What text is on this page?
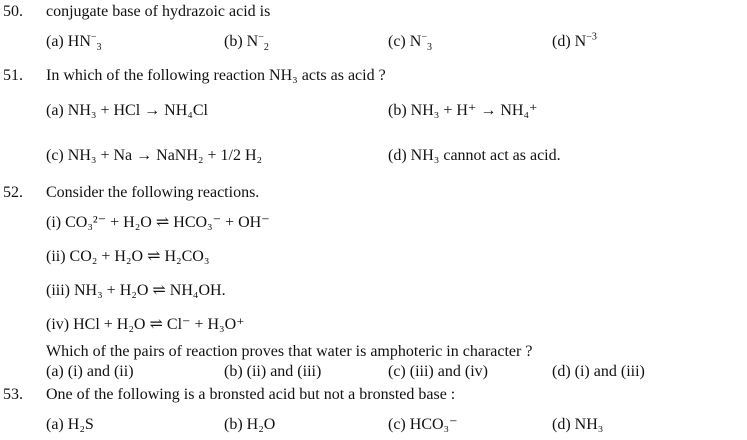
50. conjugate base of hydrazoic acid is
(a) $HN^-_3$	(b) $N^-_2$	(c) $N^-_3$	(d) $N^{-3}$
51. In which of the following reaction NH₃ acts as acid ?
(a) NH₃ + HCl → NH₄Cl	(b) NH₃ + H⁺ → NH₄⁺
(c) NH₃ + Na → NaNH₂ + 1/2 H₂	(d) NH₃ cannot act as acid.
52. Consider the following reactions.
(i) CO₃²⁻ + H₂O ⇌ HCO₃⁻ + OH⁻
(ii) CO₂ + H₂O ⇌ H₂CO₃
(iii) NH₃ + H₂O ⇌ NH₄OH.
(iv) HCl + H₂O ⇌ Cl⁻ + H₃O⁺
Which of the pairs of reaction proves that water is amphoteric in character ?
(a) (i) and (ii)	(b) (ii) and (iii)	(c) (iii) and (iv)	(d) (i) and (iii)
53. One of the following is a bronsted acid but not a bronsted base :
(a) H₂S	(b) H₂O	(c) HCO₃⁻	(d) NH₃
